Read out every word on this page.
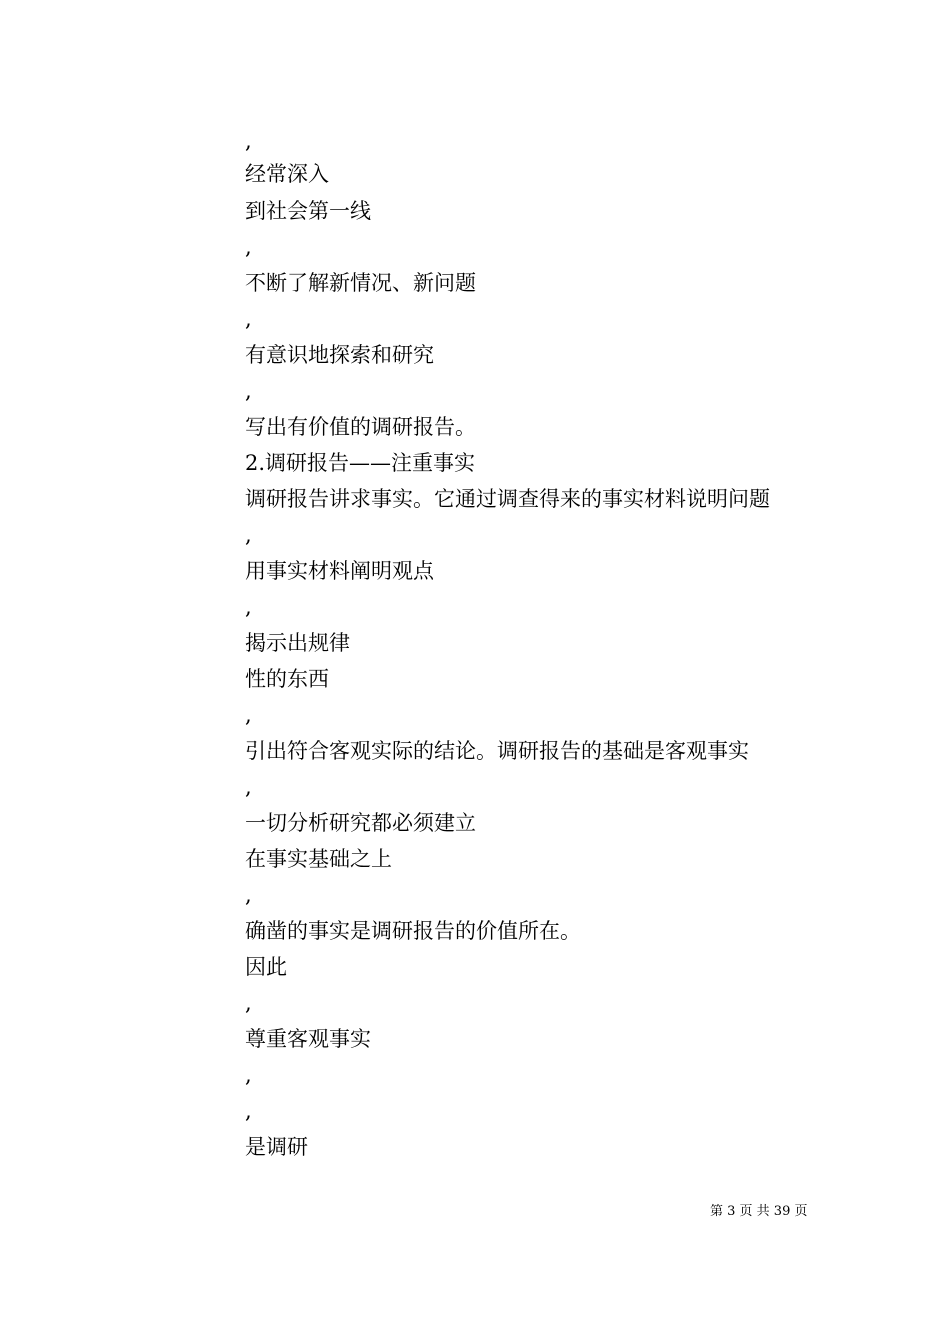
,
经常深入
到社会第一线
,
不断了解新情况、新问题
,
有意识地探索和研究
,
写出有价值的调研报告。
2.调研报告——注重事实
调研报告讲求事实。它通过调查得来的事实材料说明问题
,
用事实材料阐明观点
,
揭示出规律
性的东西
,
引出符合客观实际的结论。调研报告的基础是客观事实
,
一切分析研究都必须建立
在事实基础之上
,
确凿的事实是调研报告的价值所在。
因此
,
尊重客观事实
,
,
是调研
第 3 页 共 39 页
